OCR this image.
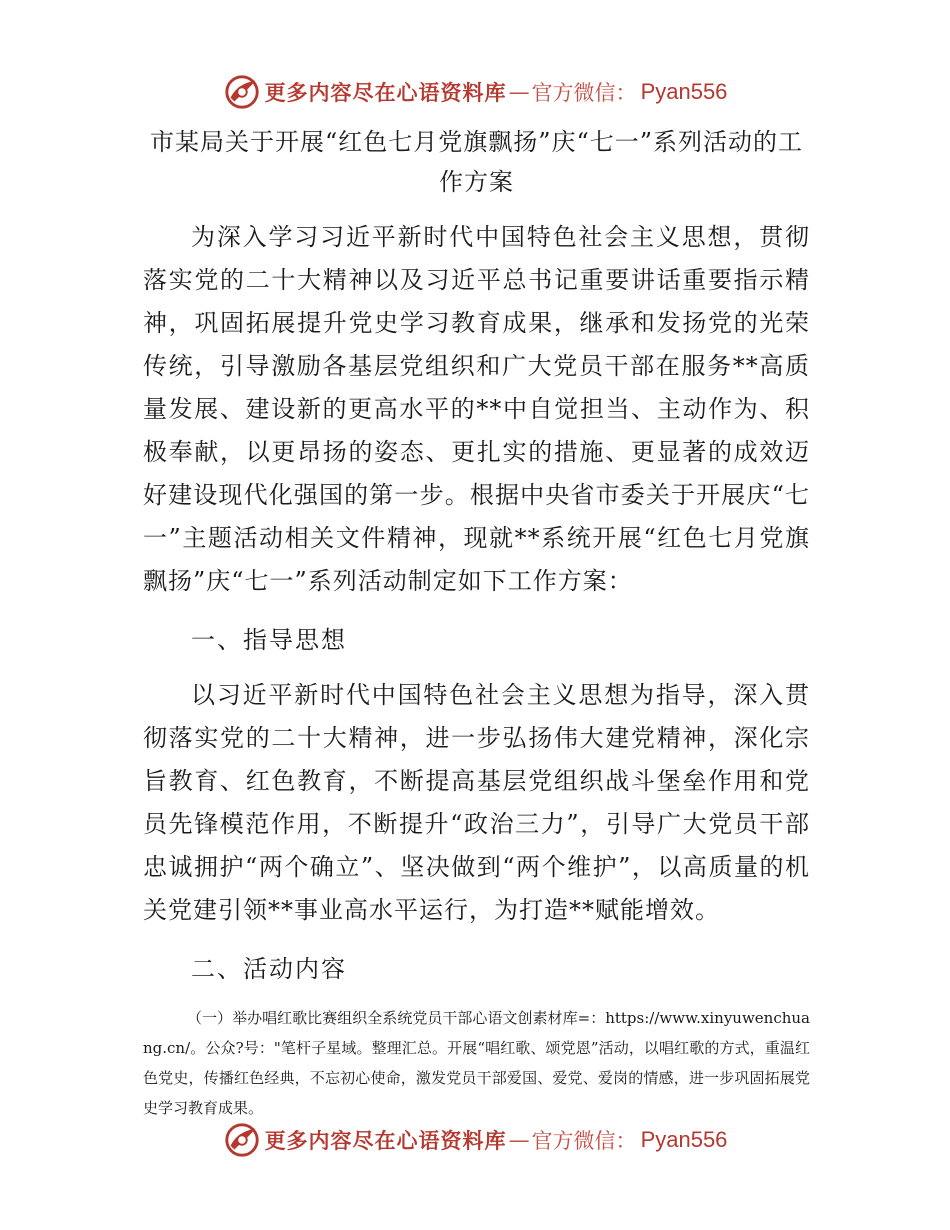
更多内容尽在心语资料库 — 官方微信： Pyan556
市某局关于开展“红色七月党旗飘扬”庆“七一”系列活动的工作方案

为深入学习习近平新时代中国特色社会主义思想，贯彻落实党的二十大精神以及习近平总书记重要讲话重要指示精神，巩固拓展提升党史学习教育成果，继承和发扬党的光荣传统，引导激励各基层党组织和广大党员干部在服务**高质量发展、建设新的更高水平的**中自觉担当、主动作为、积极奉献，以更昂扬的姿态、更扎实的措施、更显著的成效迈好建设现代化强国的第一步。根据中央省市委关于开展庆“七一”主题活动相关文件精神，现就**系统开展“红色七月党旗飘扬”庆“七一”系列活动制定如下工作方案：

一、指导思想

以习近平新时代中国特色社会主义思想为指导，深入贯彻落实党的二十大精神，进一步弘扬伟大建党精神，深化宗旨教育、红色教育，不断提高基层党组织战斗堡垒作用和党员先锋模范作用，不断提升“政治三力”，引导广大党员干部忠诚拥护“两个确立”、坚决做到“两个维护”，以高质量的机关党建引领**事业高水平运行，为打造**赋能增效。

二、活动内容

（一）举办唱红歌比赛组织全系统党员干部心语文创素材库=：https://www.xinyuwenchuang.cn/。公众?号："笔杆子星域。整理汇总。开展“唱红歌、颂党恩”活动，以唱红歌的方式，重温红色党史，传播红色经典，不忘初心使命，激发党员干部爱国、爱党、爱岗的情感，进一步巩固拓展党史学习教育成果。

更多内容尽在心语资料库 — 官方微信： Pyan556
